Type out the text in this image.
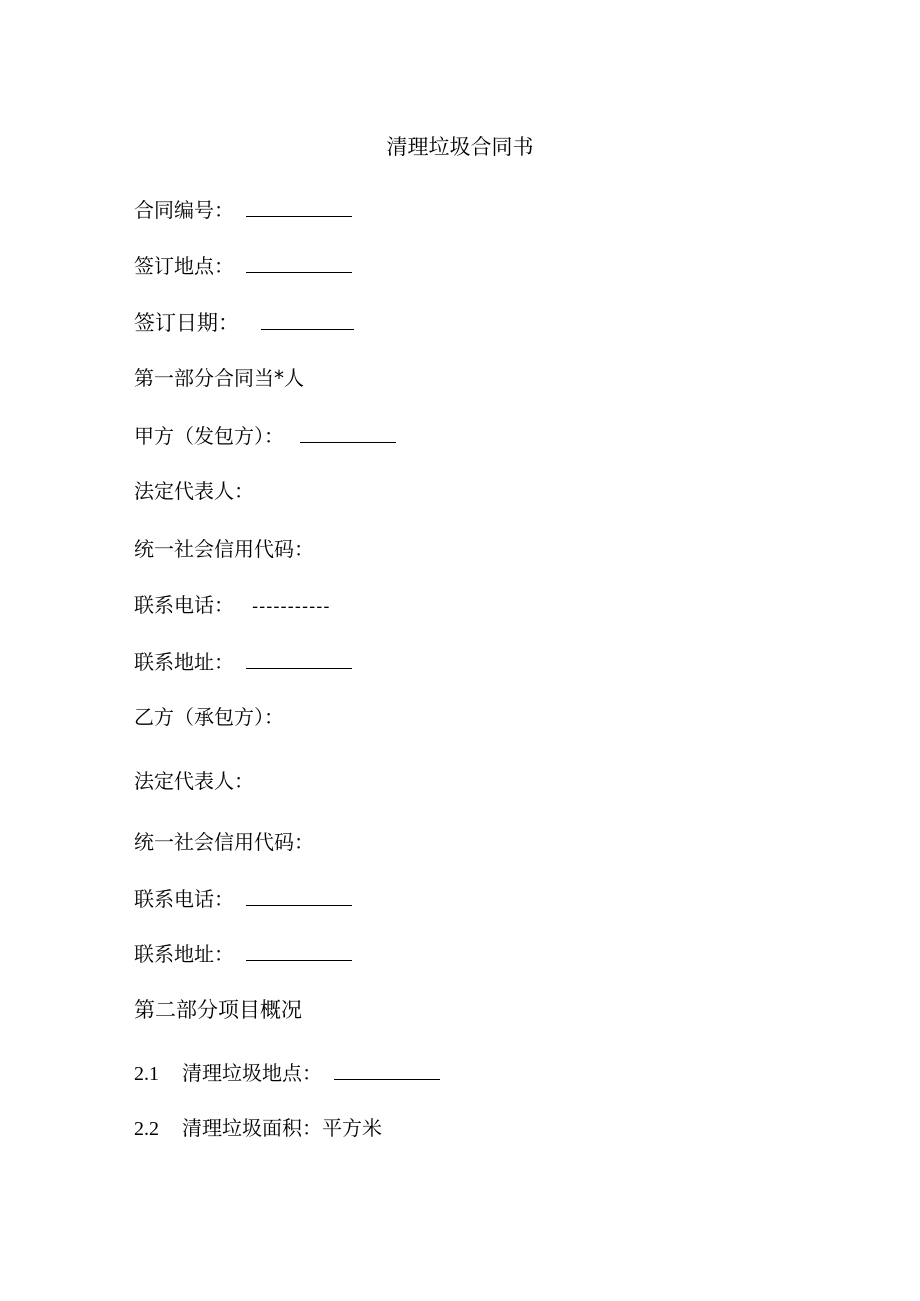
清理垃圾合同书
合同编号：
签订地点：
签订日期：
第一部分合同当*人
甲方（发包方）：
法定代表人：
统一社会信用代码：
联系电话： -----------
联系地址：
乙方（承包方）：
法定代表人：
统一社会信用代码：
联系电话：
联系地址：
第二部分项目概况
2.1	清理垃圾地点：
2.2	清理垃圾面积：平方米
